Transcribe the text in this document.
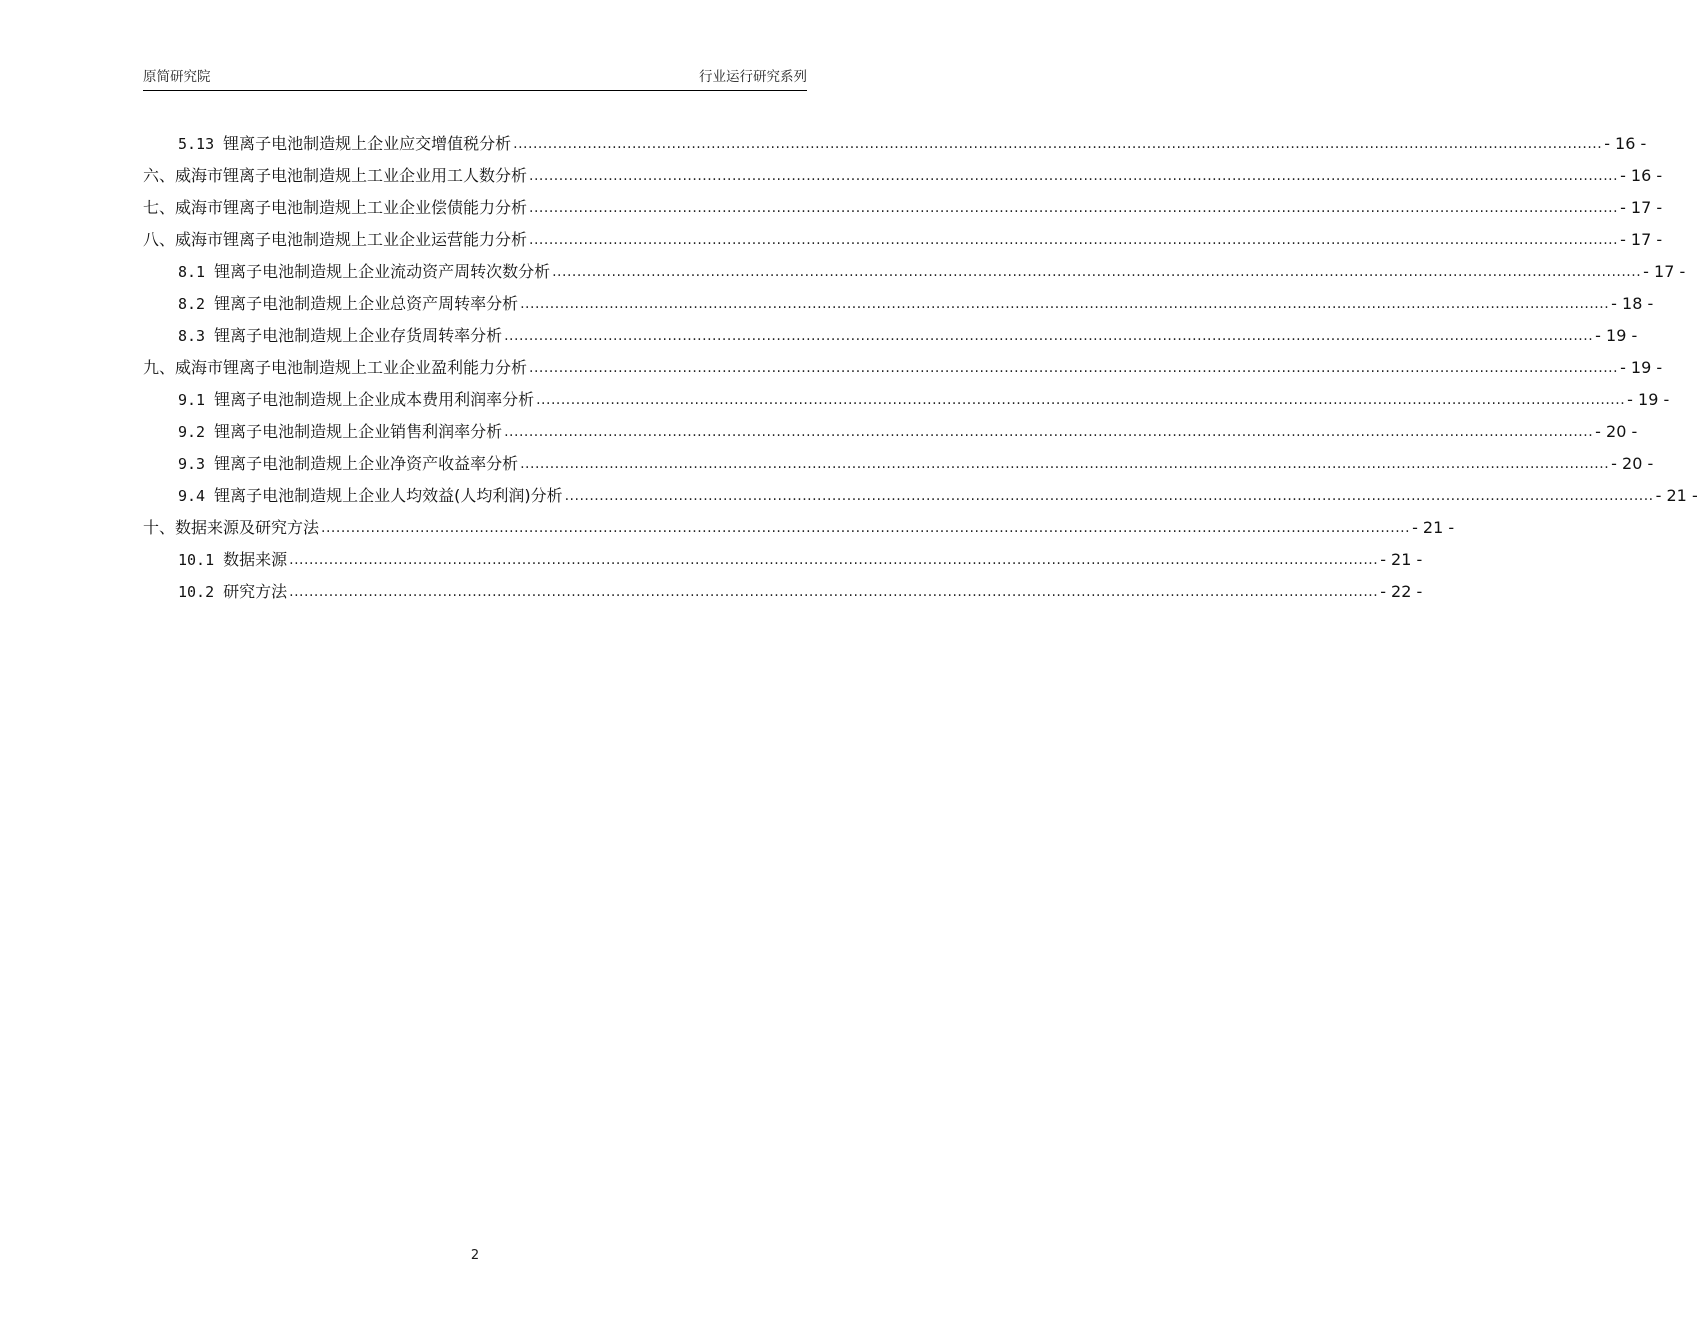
原简研究院	行业运行研究系列
5.13 锂离子电池制造规上企业应交增值税分析 ............................................................................................................................................................................................................................ - 16 -
六、威海市锂离子电池制造规上工业企业用工人数分析 ............................................................................................................................................................................................................................ - 16 -
七、威海市锂离子电池制造规上工业企业偿债能力分析 ............................................................................................................................................................................................................................ - 17 -
八、威海市锂离子电池制造规上工业企业运营能力分析 ............................................................................................................................................................................................................................ - 17 -
8.1 锂离子电池制造规上企业流动资产周转次数分析 ............................................................................................................................................................................................................................ - 17 -
8.2 锂离子电池制造规上企业总资产周转率分析 ............................................................................................................................................................................................................................ - 18 -
8.3 锂离子电池制造规上企业存货周转率分析 ............................................................................................................................................................................................................................ - 19 -
九、威海市锂离子电池制造规上工业企业盈利能力分析 ............................................................................................................................................................................................................................ - 19 -
9.1 锂离子电池制造规上企业成本费用利润率分析 ............................................................................................................................................................................................................................ - 19 -
9.2 锂离子电池制造规上企业销售利润率分析 ............................................................................................................................................................................................................................ - 20 -
9.3 锂离子电池制造规上企业净资产收益率分析 ............................................................................................................................................................................................................................ - 20 -
9.4 锂离子电池制造规上企业人均效益(人均利润)分析 ............................................................................................................................................................................................................................ - 21 -
十、数据来源及研究方法 ............................................................................................................................................................................................................................ - 21 -
10.1 数据来源 ............................................................................................................................................................................................................................ - 21 -
10.2 研究方法 ............................................................................................................................................................................................................................ - 22 -
2
